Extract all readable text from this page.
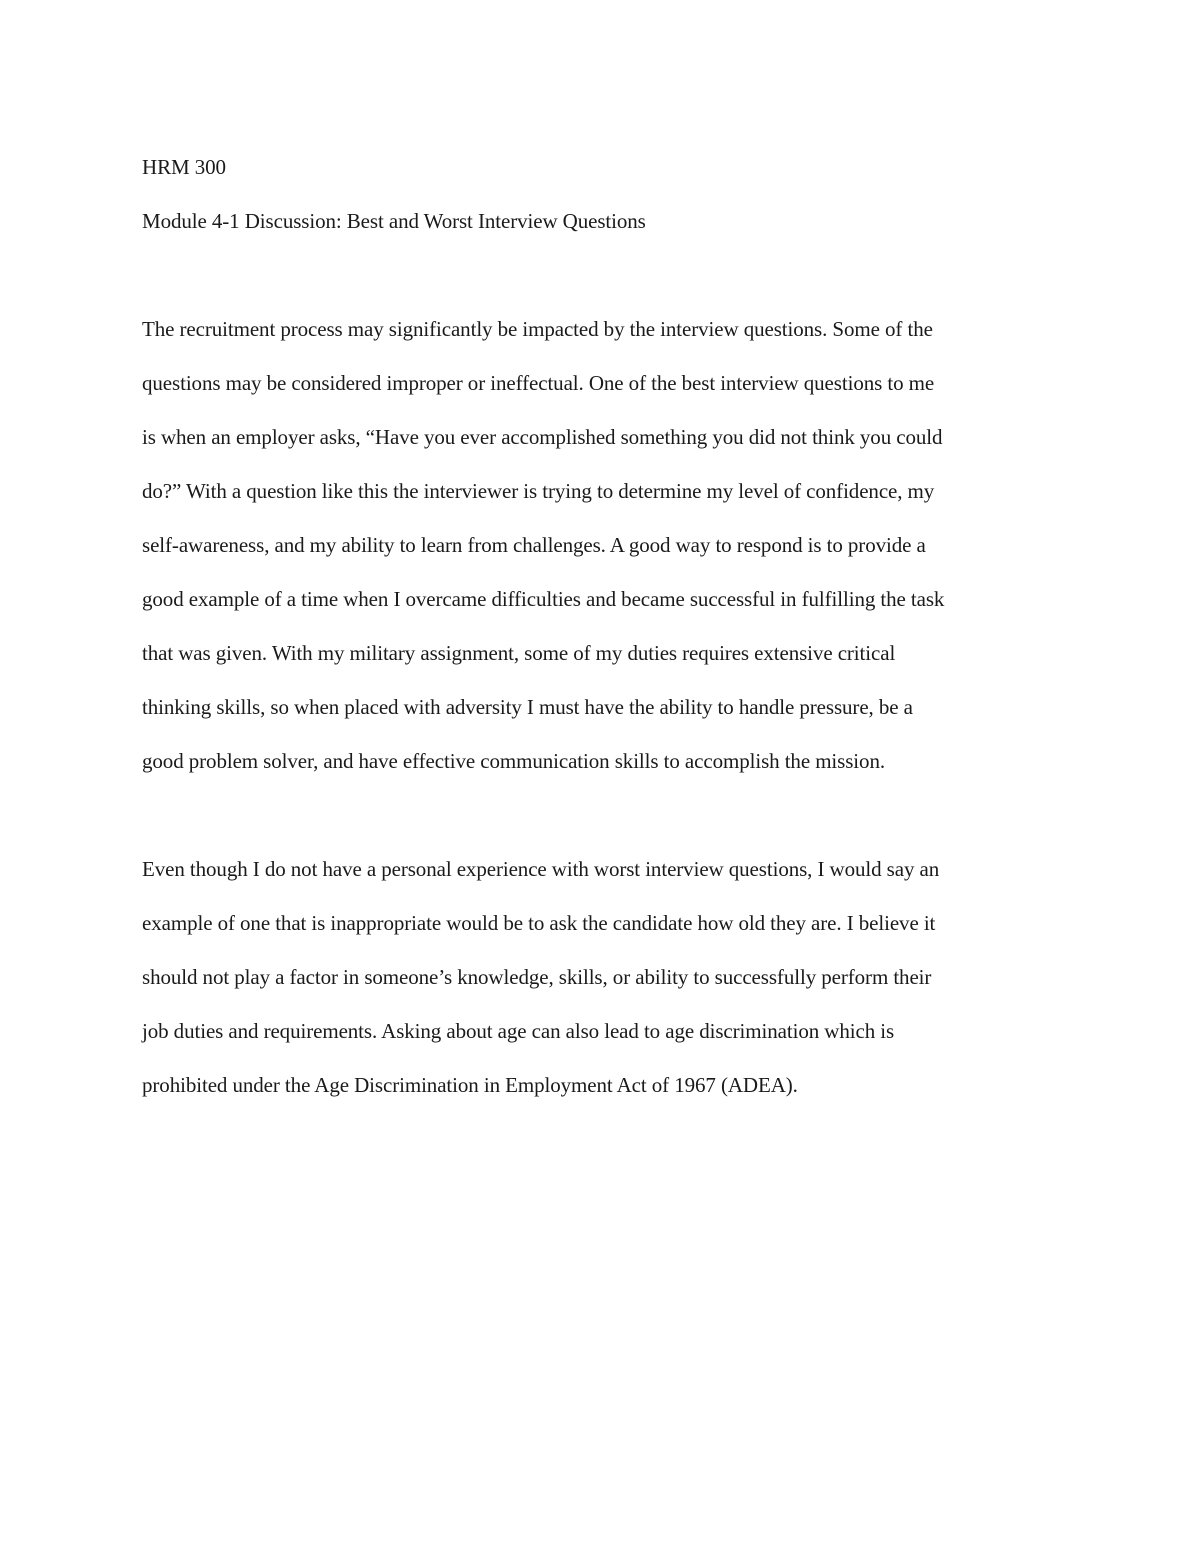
HRM 300

Module 4-1 Discussion: Best and Worst Interview Questions

The recruitment process may significantly be impacted by the interview questions. Some of the

questions may be considered improper or ineffectual. One of the best interview questions to me

is when an employer asks, “Have you ever accomplished something you did not think you could

do?” With a question like this the interviewer is trying to determine my level of confidence, my

self-awareness, and my ability to learn from challenges. A good way to respond is to provide a

good example of a time when I overcame difficulties and became successful in fulfilling the task

that was given. With my military assignment, some of my duties requires extensive critical

thinking skills, so when placed with adversity I must have the ability to handle pressure, be a

good problem solver, and have effective communication skills to accomplish the mission.

Even though I do not have a personal experience with worst interview questions, I would say an

example of one that is inappropriate would be to ask the candidate how old they are. I believe it

should not play a factor in someone’s knowledge, skills, or ability to successfully perform their

job duties and requirements. Asking about age can also lead to age discrimination which is

prohibited under the Age Discrimination in Employment Act of 1967 (ADEA).
